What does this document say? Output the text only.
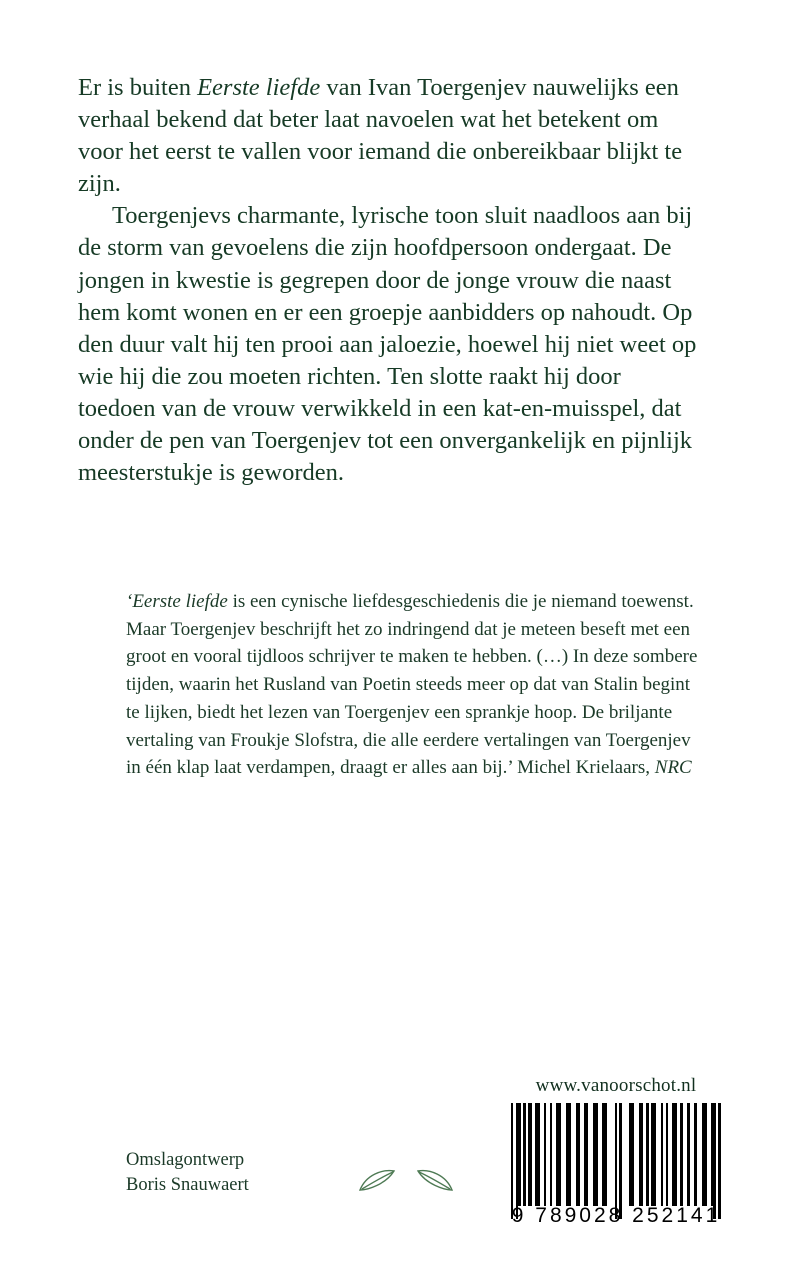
Er is buiten Eerste liefde van Ivan Toergenjev nauwelijks een verhaal bekend dat beter laat navoelen wat het betekent om voor het eerst te vallen voor iemand die onbereikbaar blijkt te zijn.

Toergenjevs charmante, lyrische toon sluit naadloos aan bij de storm van gevoelens die zijn hoofdpersoon ondergaat. De jongen in kwestie is gegrepen door de jonge vrouw die naast hem komt wonen en er een groepje aanbidders op nahoudt. Op den duur valt hij ten prooi aan jaloezie, hoewel hij niet weet op wie hij die zou moeten richten. Ten slotte raakt hij door toedoen van de vrouw verwikkeld in een kat-en-muisspel, dat onder de pen van Toergenjev tot een onvergankelijk en pijnlijk meesterstukje is geworden.

‘Eerste liefde is een cynische liefdesgeschiedenis die je niemand toewenst. Maar Toergenjev beschrijft het zo indringend dat je meteen beseft met een groot en vooral tijdloos schrijver te maken te hebben. (…) In deze sombere tijden, waarin het Rusland van Poetin steeds meer op dat van Stalin begint te lijken, biedt het lezen van Toergenjev een sprankje hoop. De briljante vertaling van Froukje Slofstra, die alle eerdere vertalingen van Toergenjev in één klap laat verdampen, draagt er alles aan bij.’ Michel Krielaars, NRC

Omslagontwerp
Boris Snauwaert
www.vanoorschot.nl
9 789028 252141
